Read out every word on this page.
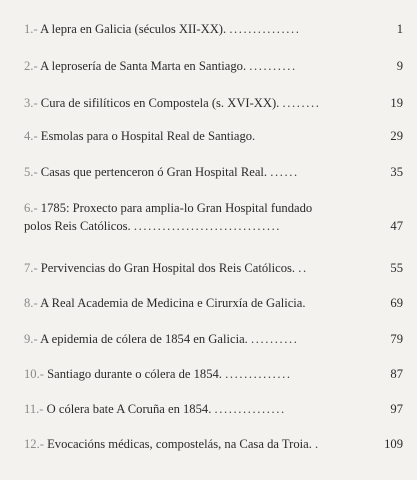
1.- A lepra en Galicia (séculos XII-XX). ...............	1
2.- A leprosería de Santa Marta en Santiago. ..........	9
3.- Cura de sifilíticos en Compostela (s. XVI-XX). ........	19
4.- Esmolas para o Hospital Real de Santiago.	29
5.- Casas que pertenceron ó Gran Hospital Real. ......	35
6.- 1785: Proxecto para amplia-lo Gran Hospital fundado
polos Reis Católicos. ...............................	47
7.- Pervivencias do Gran Hospital dos Reis Católicos. ..	55
8.- A Real Academia de Medicina e Cirurxía de Galicia.	69
9.- A epidemia de cólera de 1854 en Galicia. ..........	79
10.- Santiago durante o cólera de 1854. ..............	87
11.- O cólera bate A Coruña en 1854. ...............	97
12.- Evocacións médicas, compostelás, na Casa da Troia. .	109
